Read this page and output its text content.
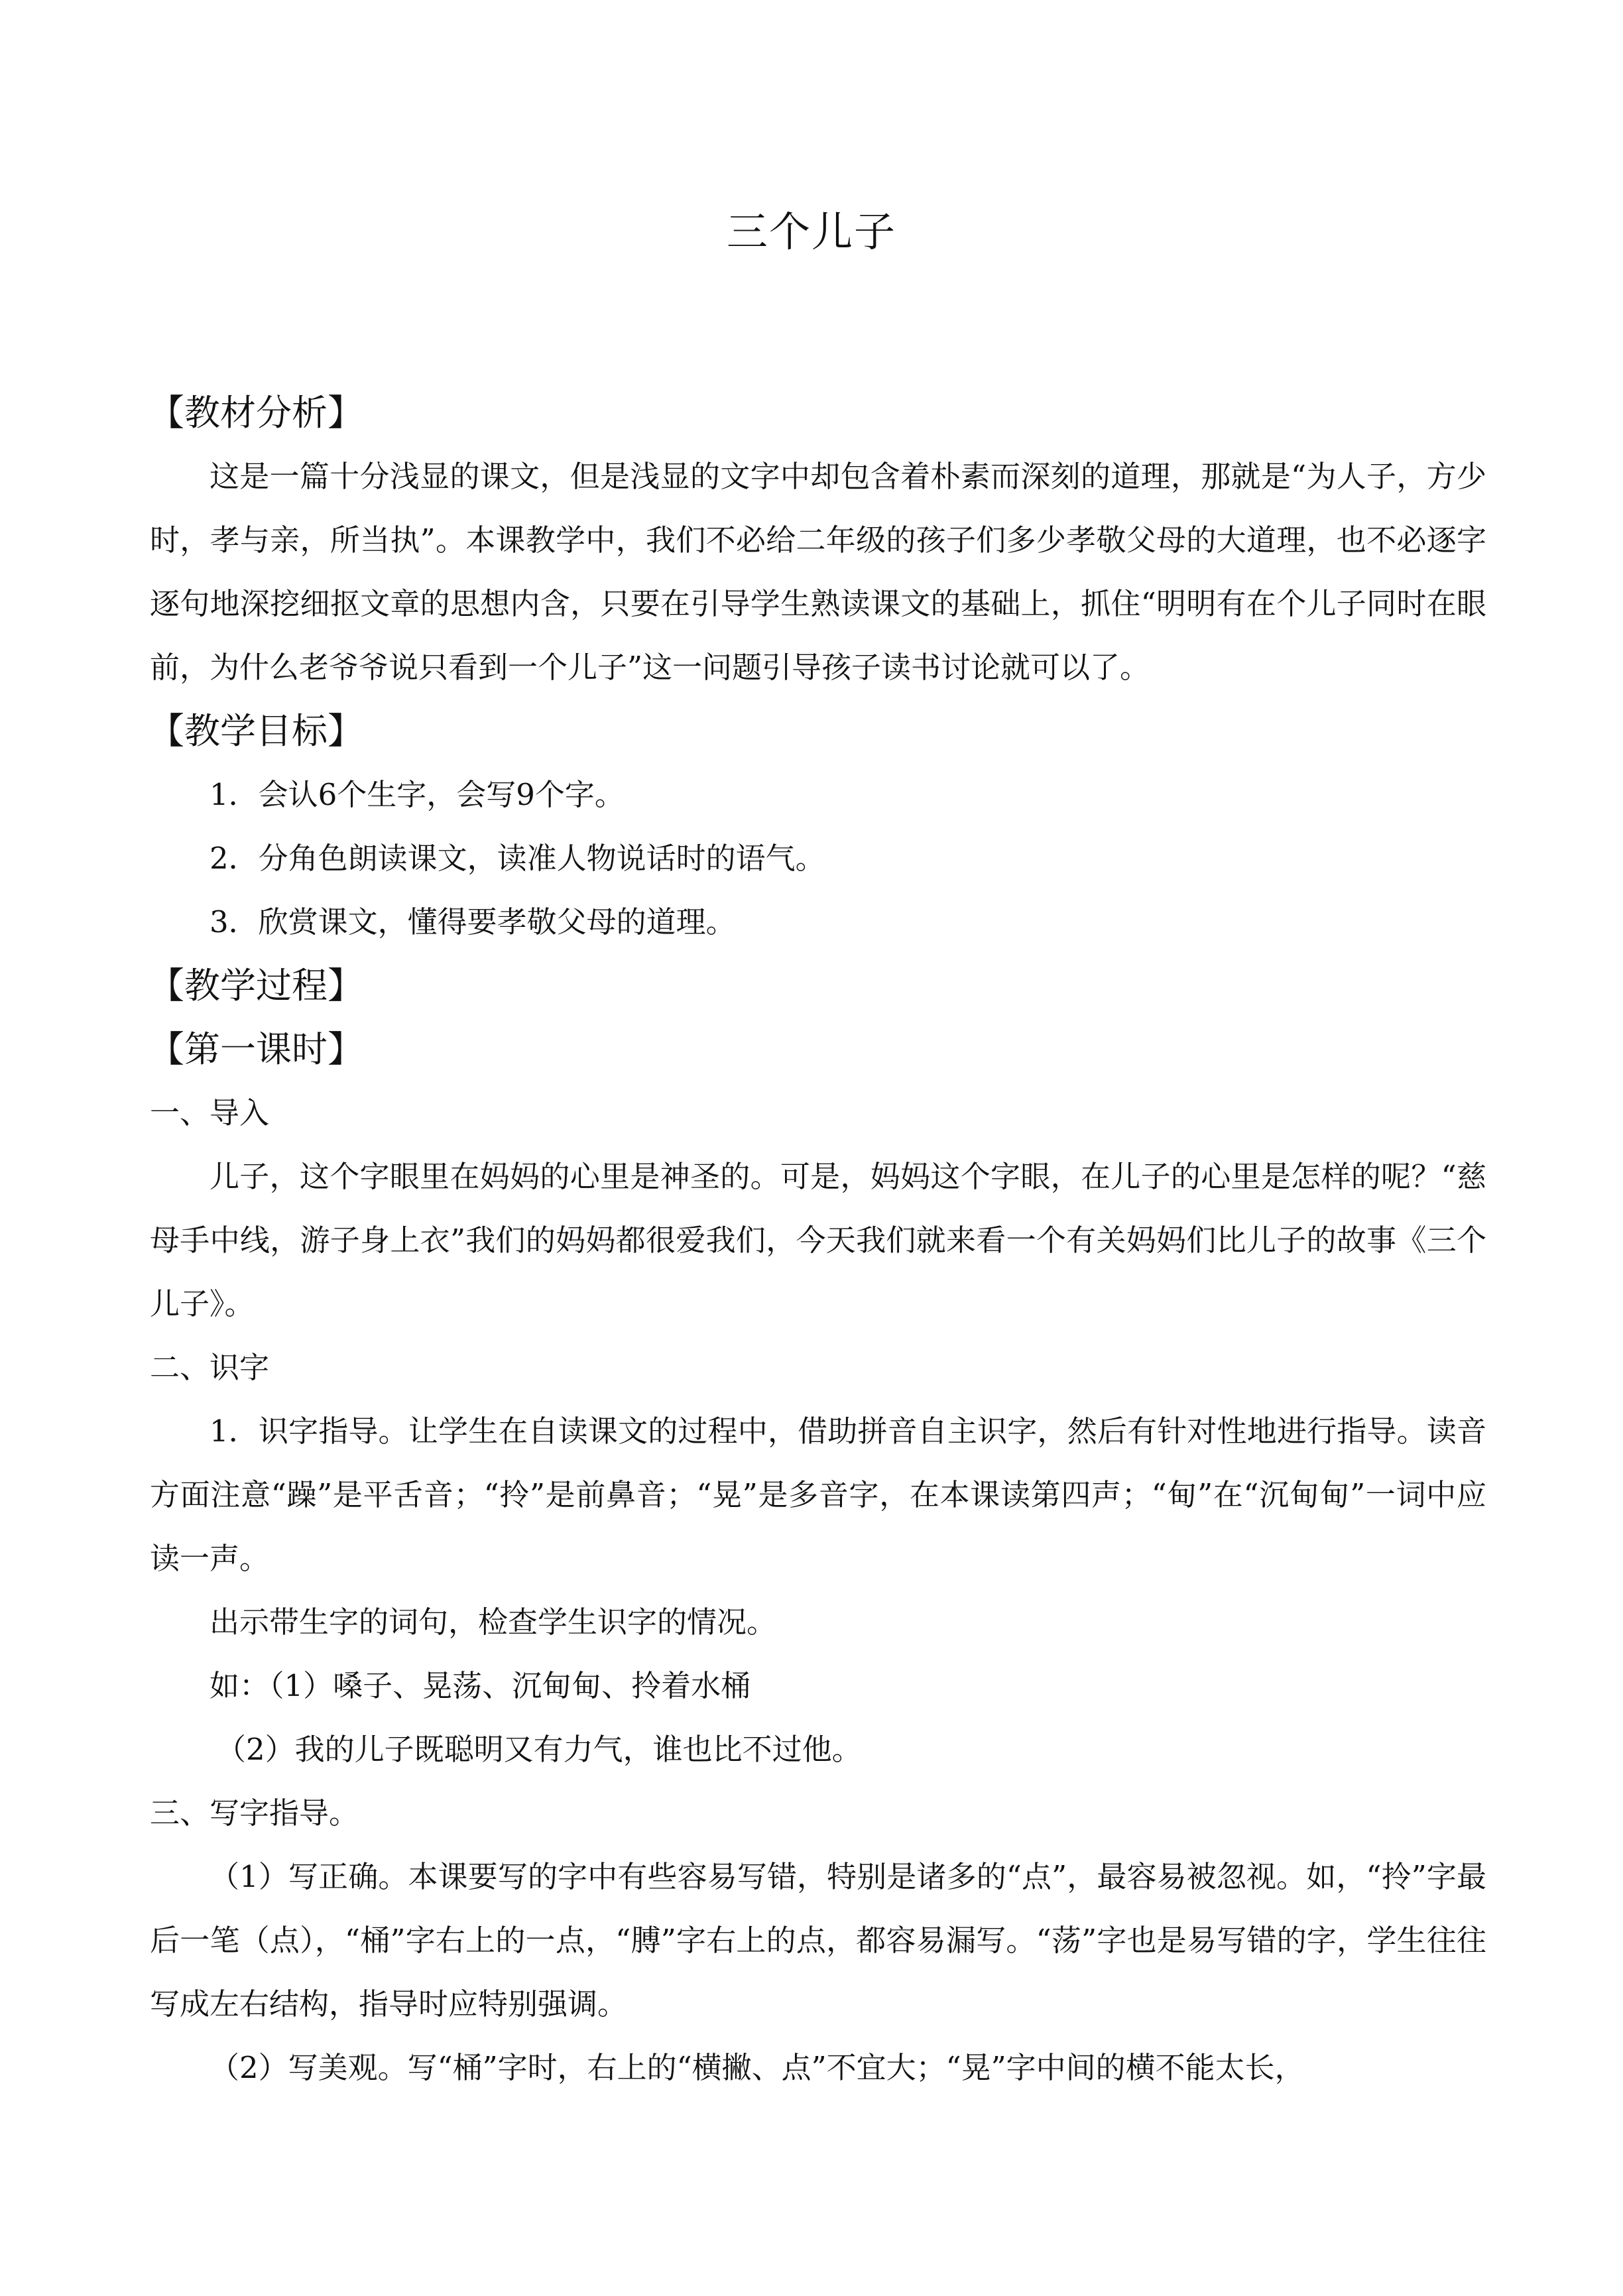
三个儿子
【教材分析】

这是一篇十分浅显的课文，但是浅显的文字中却包含着朴素而深刻的道理，那就是“为人子，方少时，孝与亲，所当执”。本课教学中，我们不必给二年级的孩子们多少孝敬父母的大道理，也不必逐字逐句地深挖细抠文章的思想内含，只要在引导学生熟读课文的基础上，抓住“明明有在个儿子同时在眼前，为什么老爷爷说只看到一个儿子”这一问题引导孩子读书讨论就可以了。

【教学目标】
1．会认6个生字，会写9个字。
2．分角色朗读课文，读准人物说话时的语气。
3．欣赏课文，懂得要孝敬父母的道理。
【教学过程】
【第一课时】
一、导入

儿子，这个字眼里在妈妈的心里是神圣的。可是，妈妈这个字眼，在儿子的心里是怎样的呢？“慈母手中线，游子身上衣”我们的妈妈都很爱我们，今天我们就来看一个有关妈妈们比儿子的故事《三个儿子》。

二、识字

1．识字指导。让学生在自读课文的过程中，借助拼音自主识字，然后有针对性地进行指导。读音方面注意“躁”是平舌音；“拎”是前鼻音；“晃”是多音字，在本课读第四声；“甸”在“沉甸甸”一词中应读一声。

出示带生字的词句，检查学生识字的情况。
如：（1）嗓子、晃荡、沉甸甸、拎着水桶
（2）我的儿子既聪明又有力气，谁也比不过他。
三、写字指导。

（1）写正确。本课要写的字中有些容易写错，特别是诸多的“点”，最容易被忽视。如，“拎”字最后一笔（点），“桶”字右上的一点，“膊”字右上的点，都容易漏写。“荡”字也是易写错的字，学生往往写成左右结构，指导时应特别强调。

（2）写美观。写“桶”字时，右上的“横撇、点”不宜大；“晃”字中间的横不能太长，
